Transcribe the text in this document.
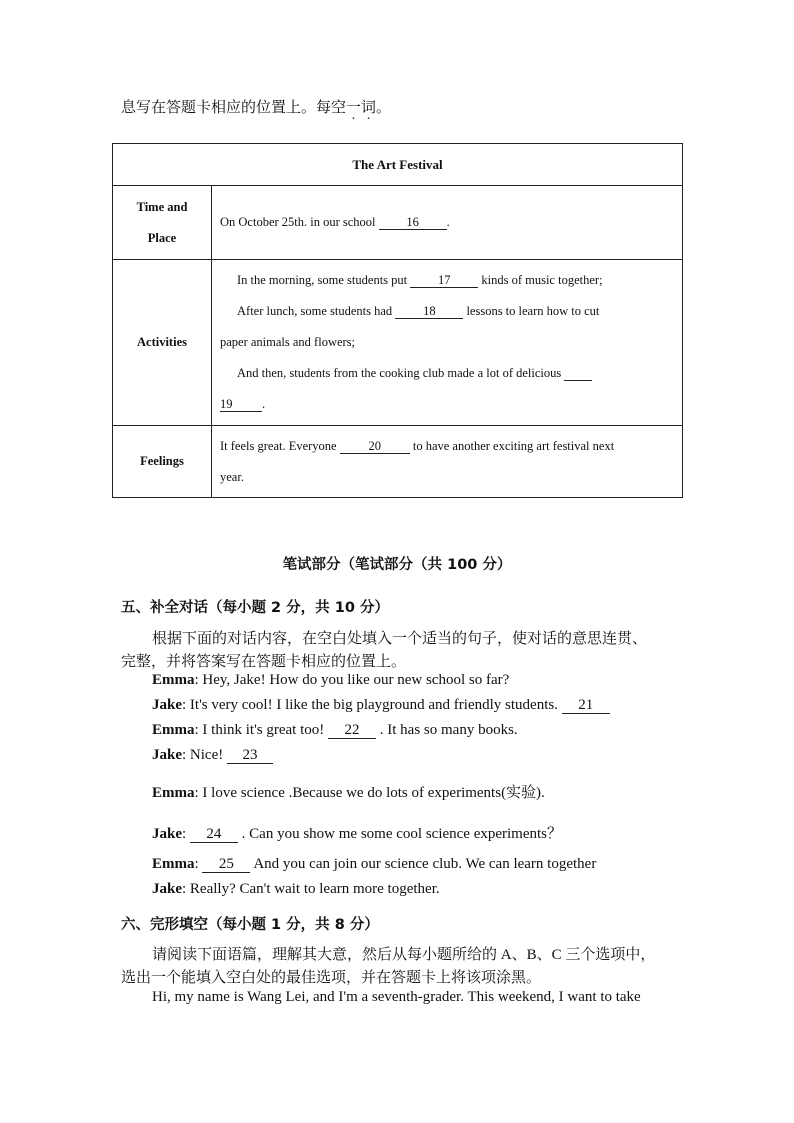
息写在答题卡相应的位置上。每空一词。
The Art Festival	

Time and
Place	On October 25th. in our school 16 .
Activities	In the morning, some students put 17 kinds of music together;
After lunch, some students had 18 lessons to learn how to cut
paper animals and flowers;
And then, students from the cooking club made a lot of delicious
19 .

Feelings	It feels great. Everyone 20 to have another exciting art festival next
year.
笔试部分（笔试部分（共 100 分）
五、补全对话（每小题 2 分，共 10 分）
根据下面的对话内容，在空白处填入一个适当的句子，使对话的意思连贯、
完整，并将答案写在答题卡相应的位置上。
Emma: Hey, Jake! How do you like our new school so far?
Jake: It's very cool! I like the big playground and friendly students. 21
Emma: I think it's great too! 22 . It has so many books.
Jake: Nice! 23
Emma: I love science .Because we do lots of experiments(实验).
Jake: 24 . Can you show me some cool science experiments？
Emma: 25 And you can join our science club. We can learn together
Jake: Really? Can't wait to learn more together.
六、完形填空（每小题 1 分，共 8 分）
请阅读下面语篇，理解其大意，然后从每小题所给的 A、B、C 三个选项中，
选出一个能填入空白处的最佳选项，并在答题卡上将该项涂黑。
Hi, my name is Wang Lei, and I'm a seventh-grader. This weekend, I want to take
